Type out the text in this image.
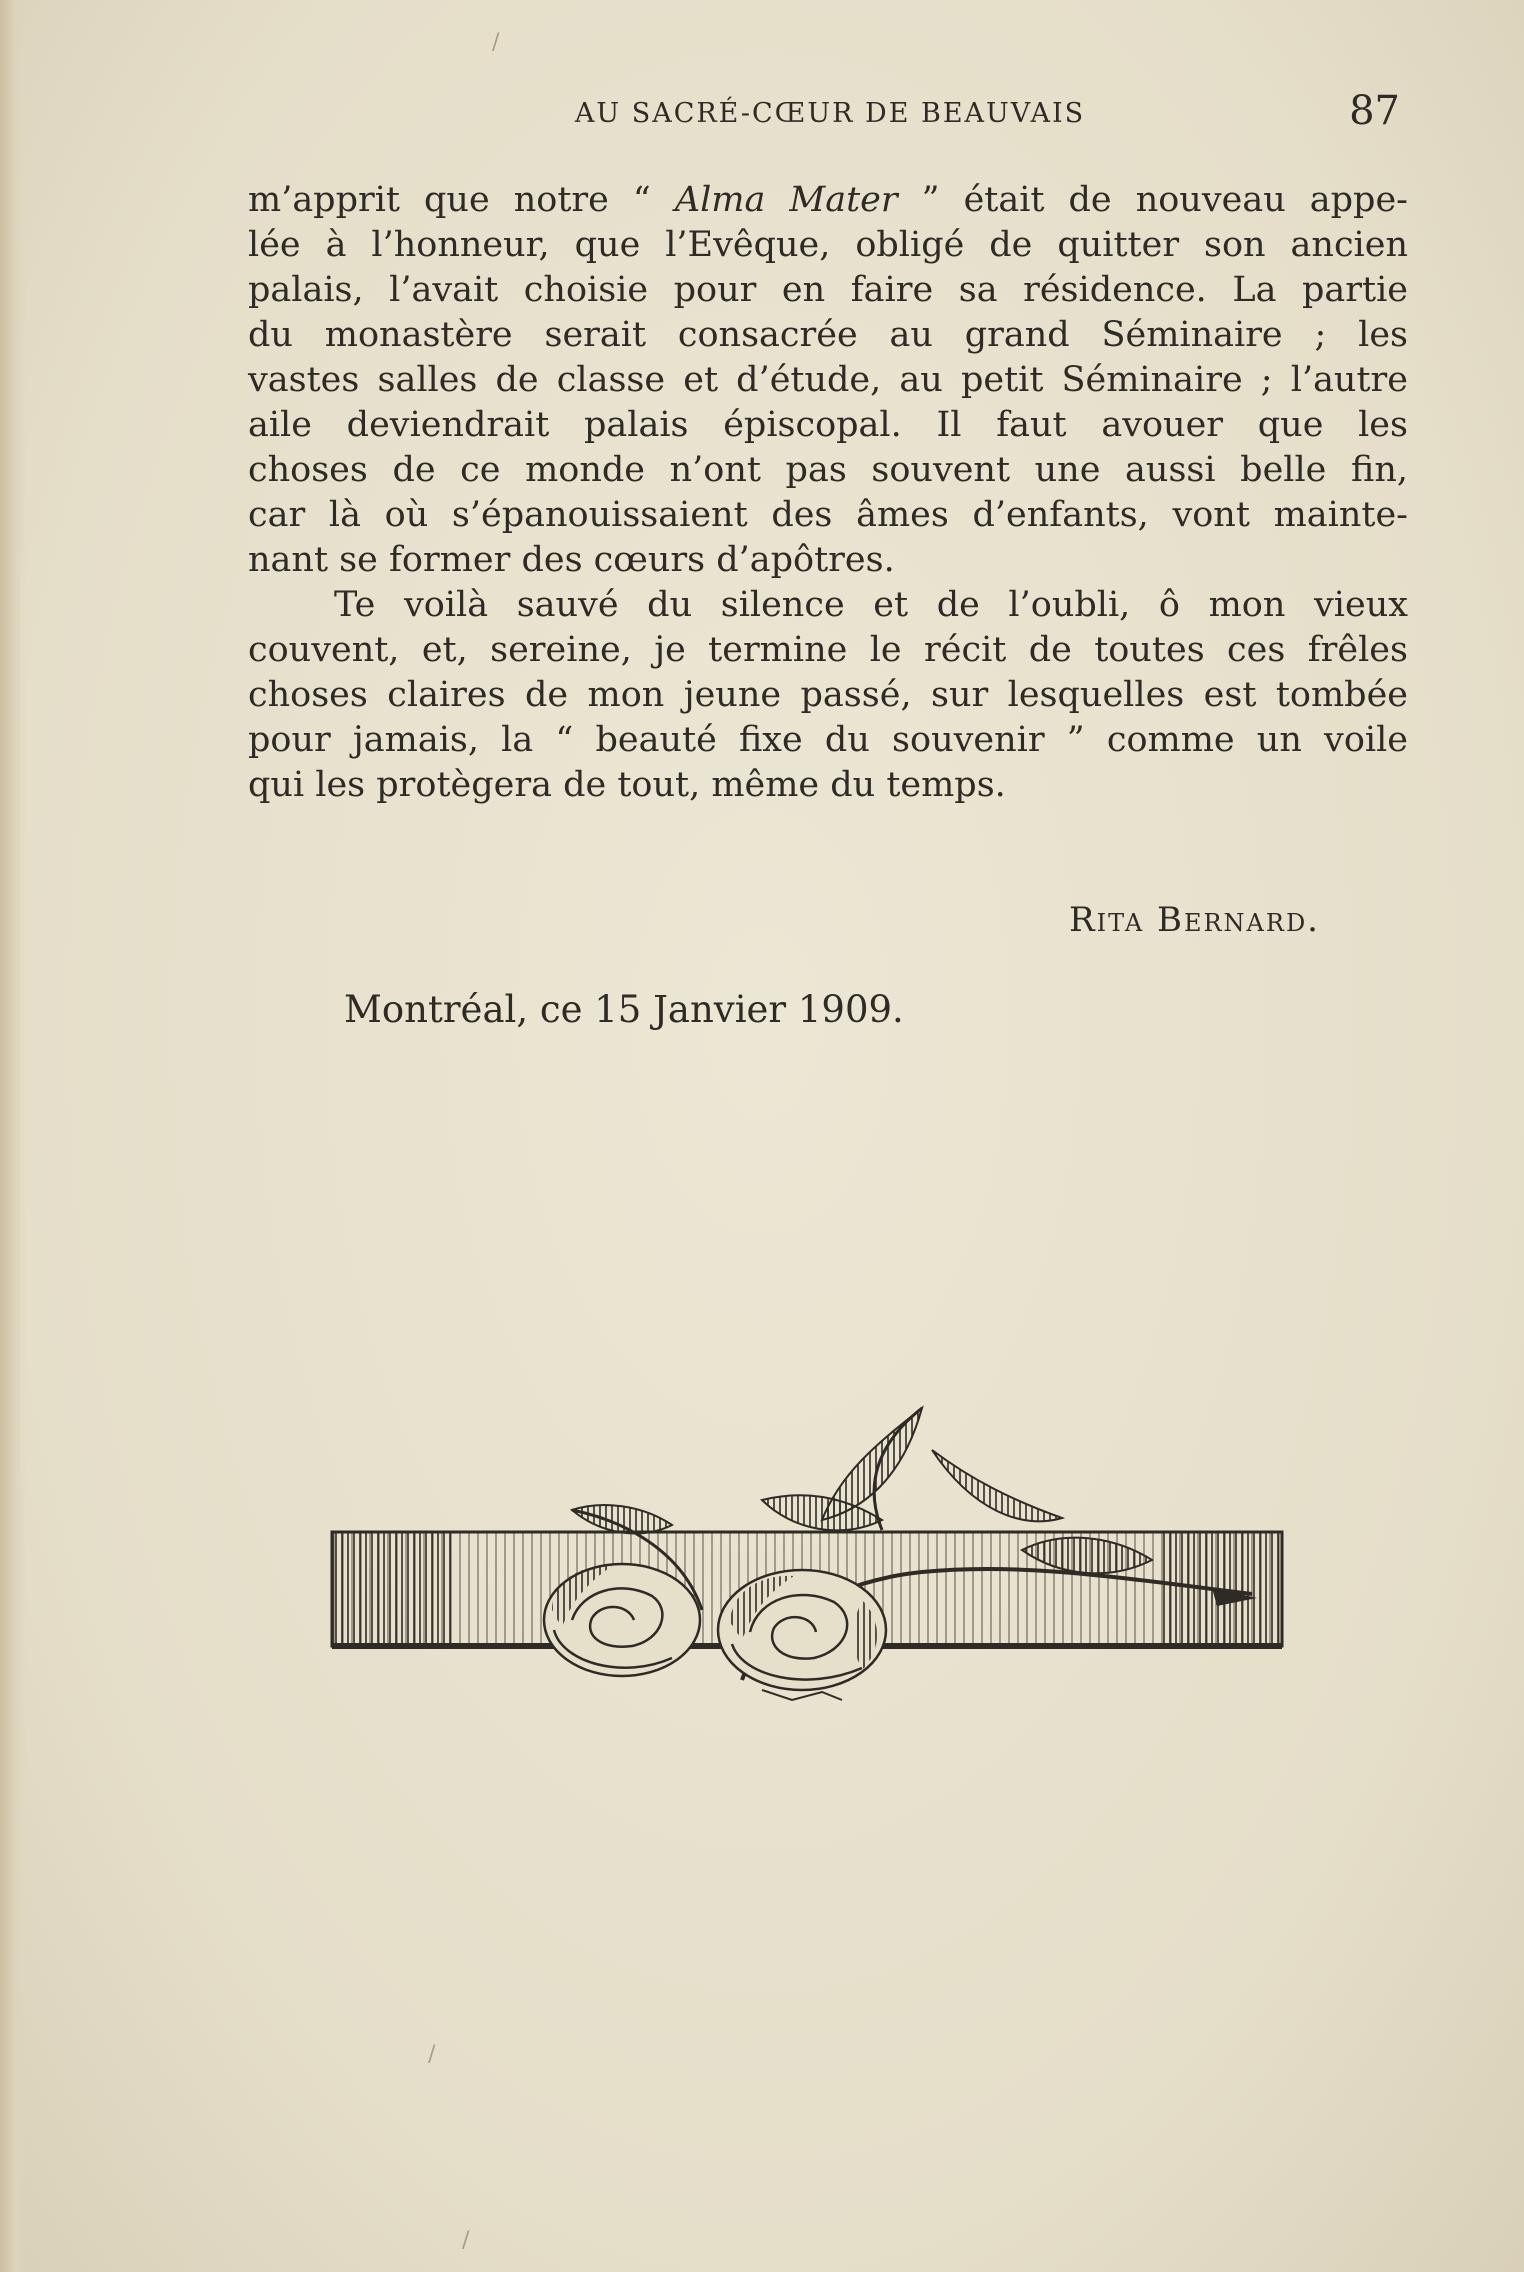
AU SACRÉ-CŒUR DE BEAUVAIS	87
m’apprit que notre “ Alma Mater ” était de nouveau appe-
lée à l’honneur, que l’Evêque, obligé de quitter son ancien
palais, l’avait choisie pour en faire sa résidence. La partie
du monastère serait consacrée au grand Séminaire ; les
vastes salles de classe et d’étude, au petit Séminaire ; l’autre
aile deviendrait palais épiscopal. Il faut avouer que les
choses de ce monde n’ont pas souvent une aussi belle fin,
car là où s’épanouissaient des âmes d’enfants, vont mainte-
nant se former des cœurs d’apôtres.
Te voilà sauvé du silence et de l’oubli, ô mon vieux
couvent, et, sereine, je termine le récit de toutes ces frêles
choses claires de mon jeune passé, sur lesquelles est tombée
pour jamais, la “ beauté fixe du souvenir ” comme un voile
qui les protègera de tout, même du temps.
Rita Bernard.
Montréal, ce 15 Janvier 1909.
/
/
/
